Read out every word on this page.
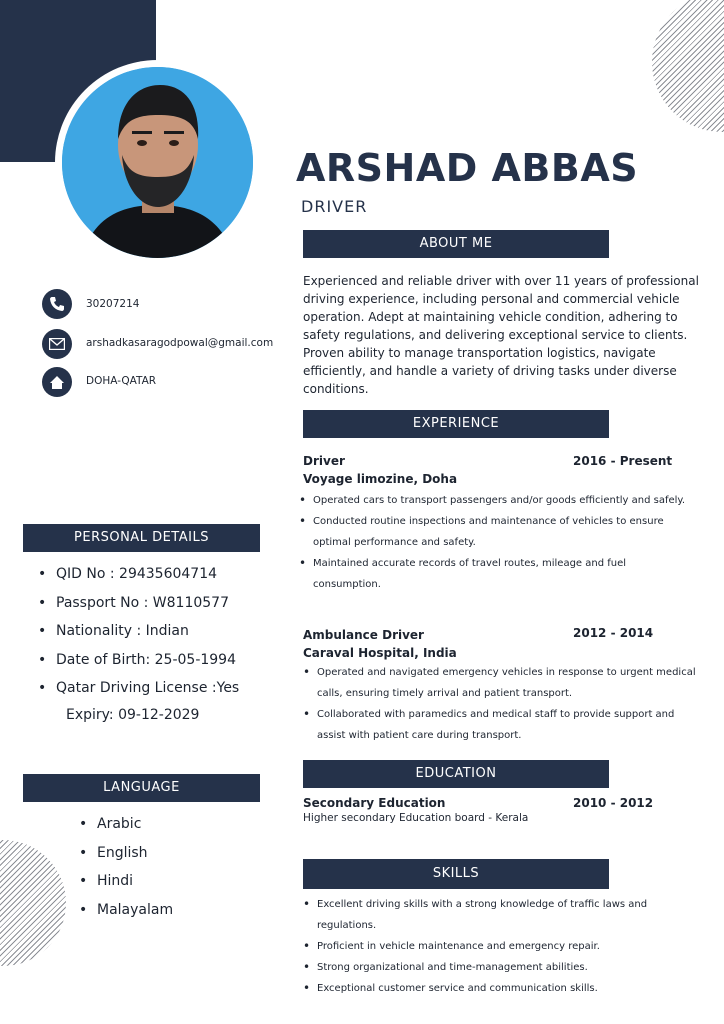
ARSHAD ABBAS
DRIVER
30207214
arshadkasaragodpowal@gmail.com
DOHA-QATAR
ABOUT ME
Experienced and reliable driver with over 11 years of professional driving experience, including personal and commercial vehicle operation. Adept at maintaining vehicle condition, adhering to safety regulations, and delivering exceptional service to clients. Proven ability to manage transportation logistics, navigate efficiently, and handle a variety of driving tasks under diverse conditions.
EXPERIENCE
Driver	2016 - Present
Voyage limozine, Doha
• Operated cars to transport passengers and/or goods efficiently and safely.
• Conducted routine inspections and maintenance of vehicles to ensure optimal performance and safety.
• Maintained accurate records of travel routes, mileage and fuel consumption.
Ambulance Driver	2012 - 2014
Caraval Hospital, India
• Operated and navigated emergency vehicles in response to urgent medical calls, ensuring timely arrival and patient transport.
• Collaborated with paramedics and medical staff to provide support and assist with patient care during transport.
EDUCATION
Secondary Education	2010 - 2012
Higher secondary Education board - Kerala
SKILLS
• Excellent driving skills with a strong knowledge of traffic laws and regulations.
• Proficient in vehicle maintenance and emergency repair.
• Strong organizational and time-management abilities.
• Exceptional customer service and communication skills.
PERSONAL DETAILS
• QID No : 29435604714
• Passport No : W8110577
• Nationality : Indian
• Date of Birth: 25-05-1994
• Qatar Driving License :Yes
Expiry: 09-12-2029
LANGUAGE
• Arabic
• English
• Hindi
• Malayalam
